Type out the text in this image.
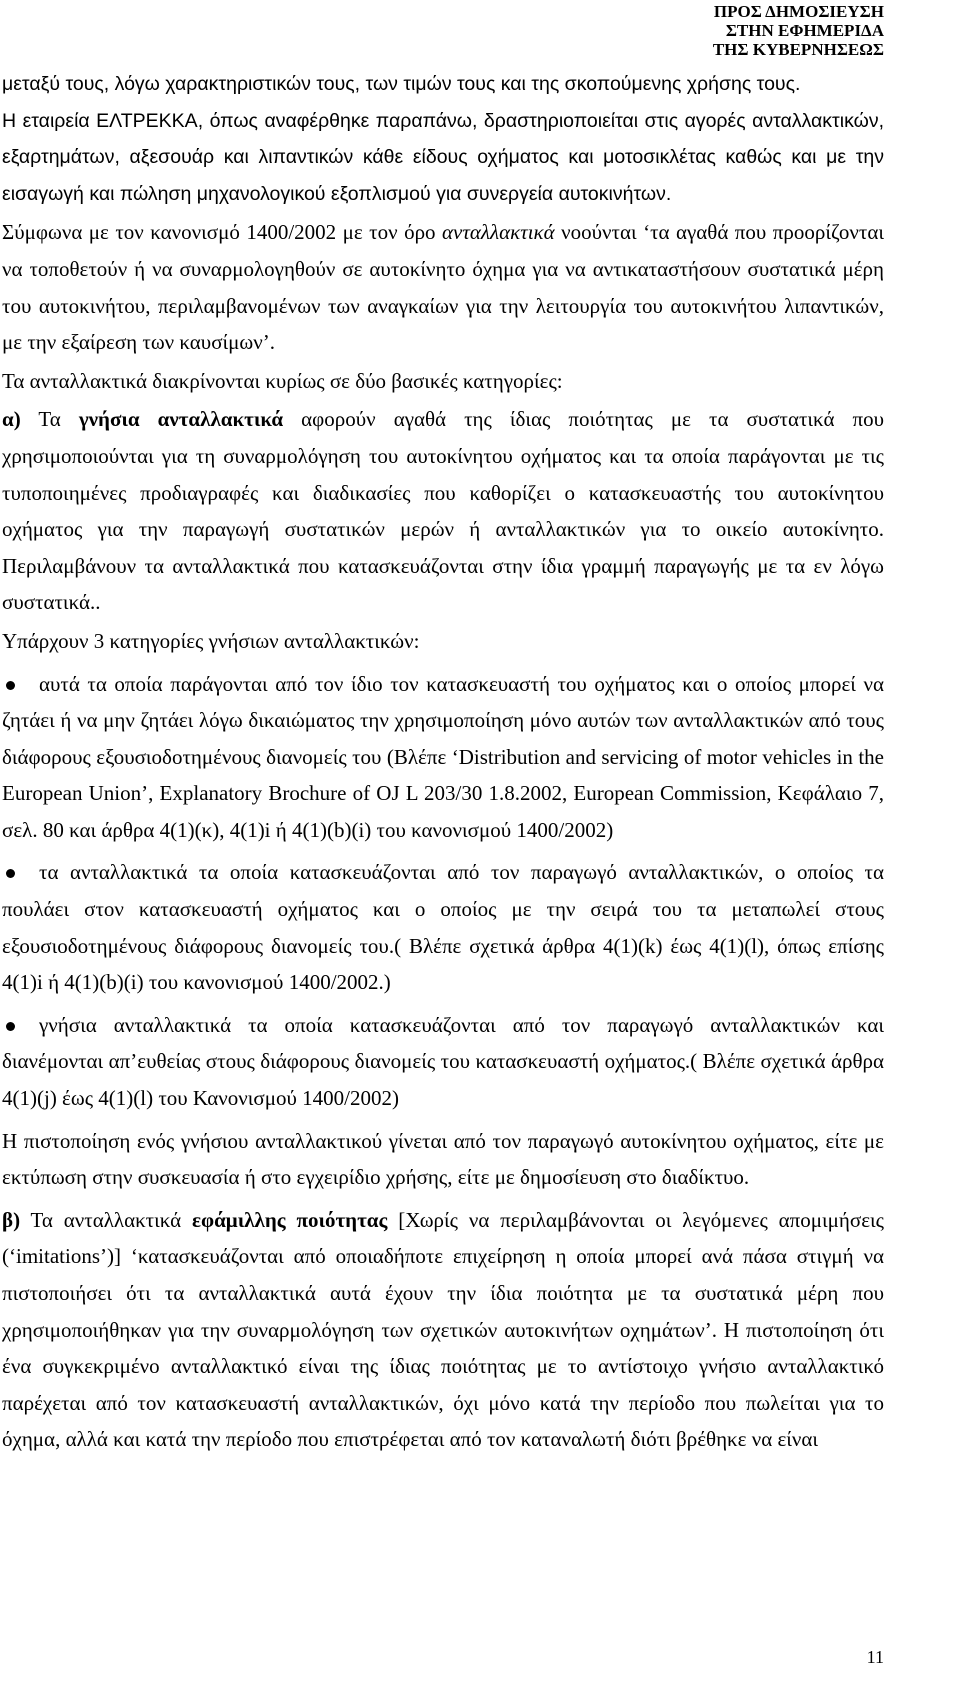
ΠΡΟΣ ΔΗΜΟΣΙΕΥΣΗ
ΣΤΗΝ ΕΦΗΜΕΡΙΔΑ
ΤΗΣ ΚΥΒΕΡΝΗΣΕΩΣ

μεταξύ τους, λόγω χαρακτηριστικών τους, των τιμών τους και της σκοπούμενης χρήσης τους.

Η εταιρεία ΕΛΤΡΕΚΚΑ, όπως αναφέρθηκε παραπάνω, δραστηριοποιείται στις αγορές ανταλλακτικών, εξαρτημάτων, αξεσουάρ και λιπαντικών κάθε είδους οχήματος και μοτοσικλέτας καθώς και με την εισαγωγή και πώληση μηχανολογικού εξοπλισμού για συνεργεία αυτοκινήτων.

Σύμφωνα με τον κανονισμό 1400/2002 με τον όρο ανταλλακτικά νοούνται ‘τα αγαθά που προορίζονται να τοποθετούν ή να συναρμολογηθούν σε αυτοκίνητο όχημα για να αντικαταστήσουν συστατικά μέρη του αυτοκινήτου, περιλαμβανομένων των αναγκαίων για την λειτουργία του αυτοκινήτου λιπαντικών, με την εξαίρεση των καυσίμων’.

Τα ανταλλακτικά διακρίνονται κυρίως σε δύο βασικές κατηγορίες:

α) Τα γνήσια ανταλλακτικά αφορούν αγαθά της ίδιας ποιότητας με τα συστατικά που χρησιμοποιούνται για τη συναρμολόγηση του αυτοκίνητου οχήματος και τα οποία παράγονται με τις τυποποιημένες προδιαγραφές και διαδικασίες που καθορίζει ο κατασκευαστής του αυτοκίνητου οχήματος για την παραγωγή συστατικών μερών ή ανταλλακτικών για το οικείο αυτοκίνητο. Περιλαμβάνουν τα ανταλλακτικά που κατασκευάζονται στην ίδια γραμμή παραγωγής με τα εν λόγω συστατικά..

Υπάρχουν 3 κατηγορίες γνήσιων ανταλλακτικών:

αυτά τα οποία παράγονται από τον ίδιο τον κατασκευαστή του οχήματος και ο οποίος μπορεί να ζητάει ή να μην ζητάει λόγω δικαιώματος την χρησιμοποίηση μόνο αυτών των ανταλλακτικών από τους διάφορους εξουσιοδοτημένους διανομείς του (Βλέπε ‘Distribution and servicing of motor vehicles in the European Union’, Explanatory Brochure of OJ L 203/30 1.8.2002, European Commission, Κεφάλαιο 7, σελ. 80 και άρθρα 4(1)(κ), 4(1)i ή 4(1)(b)(i) του κανονισμού 1400/2002)

τα ανταλλακτικά τα οποία κατασκευάζονται από τον παραγωγό ανταλλακτικών, ο οποίος τα πουλάει στον κατασκευαστή οχήματος και ο οποίος με την σειρά του τα μεταπωλεί στους εξουσιοδοτημένους διάφορους διανομείς του.( Βλέπε σχετικά άρθρα 4(1)(k) έως 4(1)(l), όπως επίσης 4(1)i ή 4(1)(b)(i) του κανονισμού 1400/2002.)

γνήσια ανταλλακτικά τα οποία κατασκευάζονται από τον παραγωγό ανταλλακτικών και διανέμονται απ’ευθείας στους διάφορους διανομείς του κατασκευαστή οχήματος.( Βλέπε σχετικά άρθρα 4(1)(j) έως 4(1)(l) του Κανονισμού 1400/2002)

Η πιστοποίηση ενός γνήσιου ανταλλακτικού γίνεται από τον παραγωγό αυτοκίνητου οχήματος, είτε με εκτύπωση στην συσκευασία ή στο εγχειρίδιο χρήσης, είτε με δημοσίευση στο διαδίκτυο.

β) Τα ανταλλακτικά εφάμιλλης ποιότητας [Χωρίς να περιλαμβάνονται οι λεγόμενες απομιμήσεις (‘imitations’)] ‘κατασκευάζονται από οποιαδήποτε επιχείρηση η οποία μπορεί ανά πάσα στιγμή να πιστοποιήσει ότι τα ανταλλακτικά αυτά έχουν την ίδια ποιότητα με τα συστατικά μέρη που χρησιμοποιήθηκαν για την συναρμολόγηση των σχετικών αυτοκινήτων οχημάτων’. Η πιστοποίηση ότι ένα συγκεκριμένο ανταλλακτικό είναι της ίδιας ποιότητας με το αντίστοιχο γνήσιο ανταλλακτικό παρέχεται από τον κατασκευαστή ανταλλακτικών, όχι μόνο κατά την περίοδο που πωλείται για το όχημα, αλλά και κατά την περίοδο που επιστρέφεται από τον καταναλωτή διότι βρέθηκε να είναι

11
